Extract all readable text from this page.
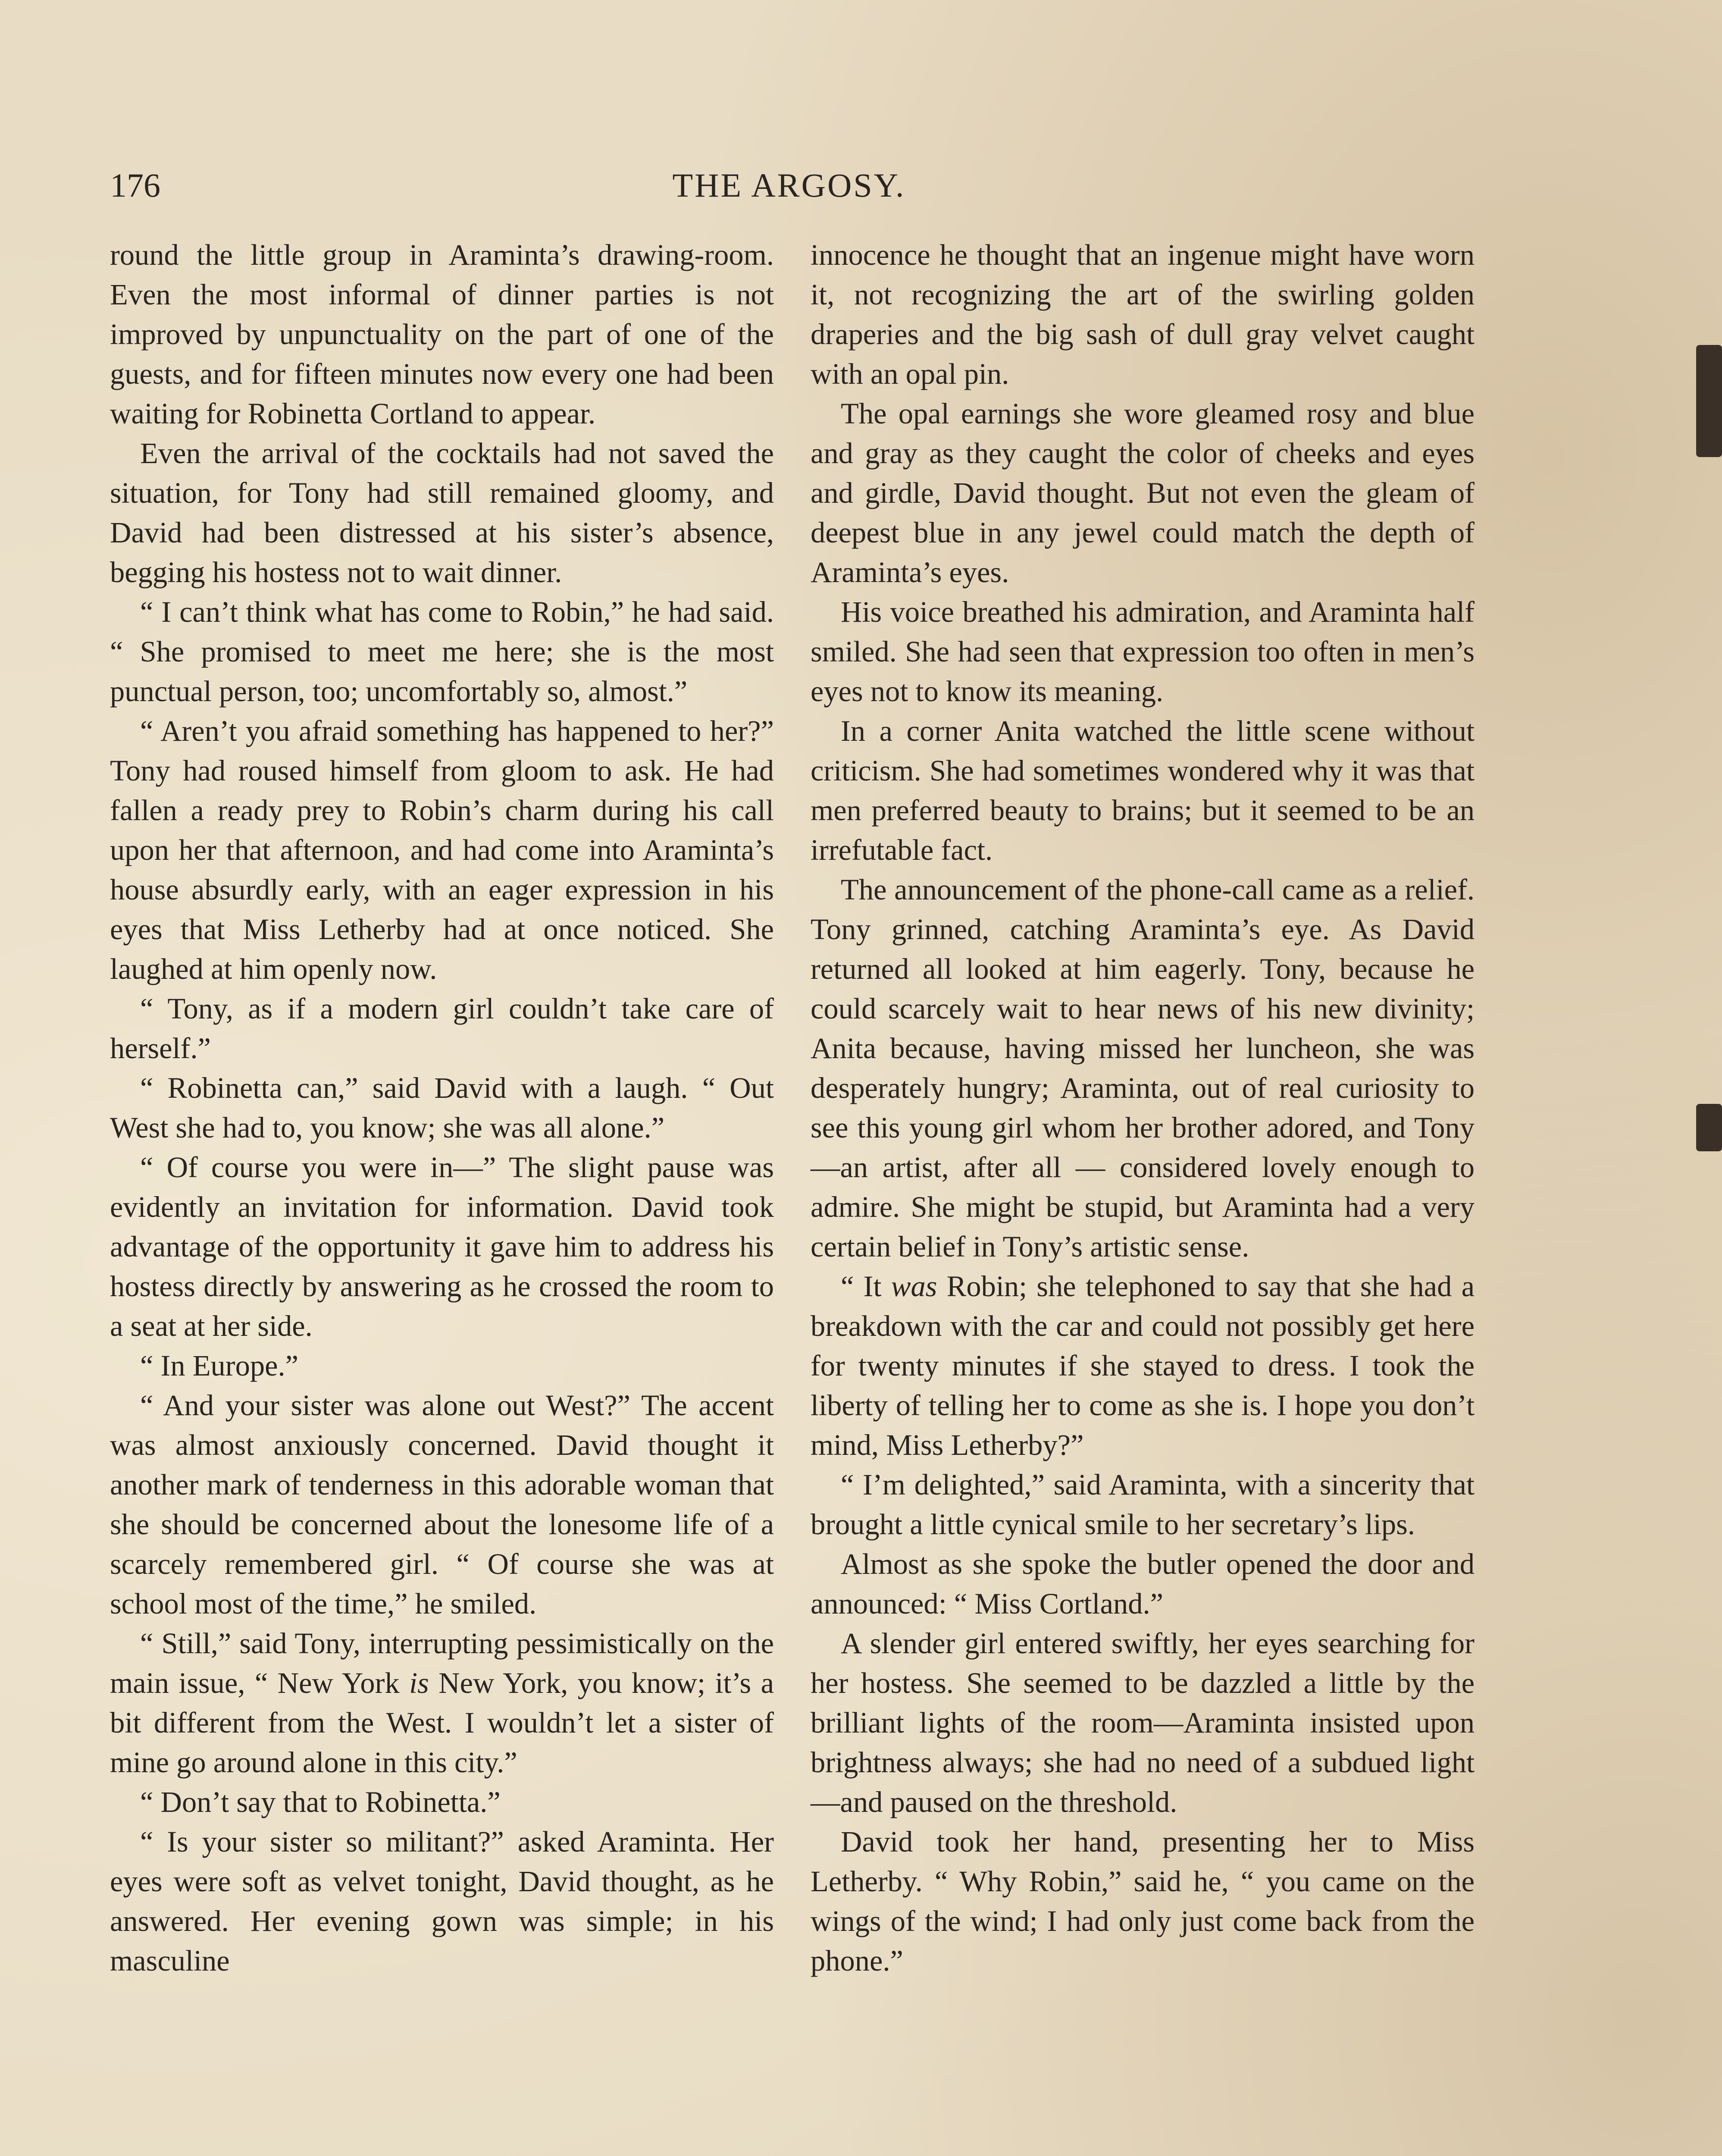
176	THE ARGOSY.

round the little group in Araminta’s drawing-room. Even the most informal of dinner parties is not improved by unpunctuality on the part of one of the guests, and for fifteen minutes now every one had been waiting for Robinetta Cortland to appear.

Even the arrival of the cocktails had not saved the situation, for Tony had still remained gloomy, and David had been distressed at his sister’s absence, begging his hostess not to wait dinner.

“ I can’t think what has come to Robin,” he had said. “ She promised to meet me here; she is the most punctual person, too; uncomfortably so, almost.”

“ Aren’t you afraid something has happened to her?” Tony had roused himself from gloom to ask. He had fallen a ready prey to Robin’s charm during his call upon her that afternoon, and had come into Araminta’s house absurdly early, with an eager expression in his eyes that Miss Letherby had at once noticed. She laughed at him openly now.

“ Tony, as if a modern girl couldn’t take care of herself.”

“ Robinetta can,” said David with a laugh. “ Out West she had to, you know; she was all alone.”

“ Of course you were in—” The slight pause was evidently an invitation for information. David took advantage of the opportunity it gave him to address his hostess directly by answering as he crossed the room to a seat at her side.

“ In Europe.”

“ And your sister was alone out West?” The accent was almost anxiously concerned. David thought it another mark of tenderness in this adorable woman that she should be concerned about the lonesome life of a scarcely remembered girl. “ Of course she was at school most of the time,” he smiled.

“ Still,” said Tony, interrupting pessimistically on the main issue, “ New York is New York, you know; it’s a bit different from the West. I wouldn’t let a sister of mine go around alone in this city.”

“ Don’t say that to Robinetta.”

“ Is your sister so militant?” asked Araminta. Her eyes were soft as velvet tonight, David thought, as he answered. Her evening gown was simple; in his masculine

innocence he thought that an ingenue might have worn it, not recognizing the art of the swirling golden draperies and the big sash of dull gray velvet caught with an opal pin.

The opal earnings she wore gleamed rosy and blue and gray as they caught the color of cheeks and eyes and girdle, David thought. But not even the gleam of deepest blue in any jewel could match the depth of Araminta’s eyes.

His voice breathed his admiration, and Araminta half smiled. She had seen that expression too often in men’s eyes not to know its meaning.

In a corner Anita watched the little scene without criticism. She had sometimes wondered why it was that men preferred beauty to brains; but it seemed to be an irrefutable fact.

The announcement of the phone-call came as a relief. Tony grinned, catching Araminta’s eye. As David returned all looked at him eagerly. Tony, because he could scarcely wait to hear news of his new divinity; Anita because, having missed her luncheon, she was desperately hungry; Araminta, out of real curiosity to see this young girl whom her brother adored, and Tony—an artist, after all — considered lovely enough to admire. She might be stupid, but Araminta had a very certain belief in Tony’s artistic sense.

“ It was Robin; she telephoned to say that she had a breakdown with the car and could not possibly get here for twenty minutes if she stayed to dress. I took the liberty of telling her to come as she is. I hope you don’t mind, Miss Letherby?”

“ I’m delighted,” said Araminta, with a sincerity that brought a little cynical smile to her secretary’s lips.

Almost as she spoke the butler opened the door and announced: “ Miss Cortland.”

A slender girl entered swiftly, her eyes searching for her hostess. She seemed to be dazzled a little by the brilliant lights of the room—Araminta insisted upon brightness always; she had no need of a subdued light—and paused on the threshold.

David took her hand, presenting her to Miss Letherby. “ Why Robin,” said he, “ you came on the wings of the wind; I had only just come back from the phone.”
